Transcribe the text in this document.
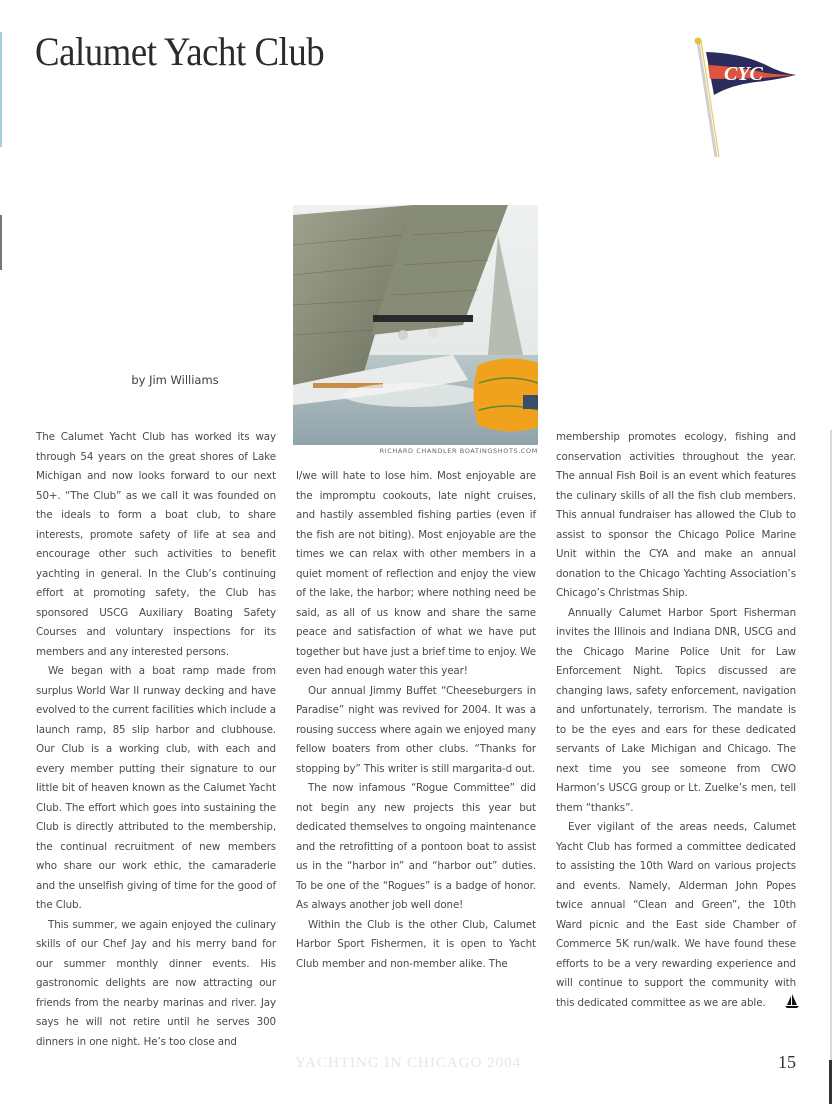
Calumet Yacht Club	CYC
RICHARD CHANDLER BOATINGSHOTS.COM
by Jim Williams

The Calumet Yacht Club has worked its way through 54 years on the great shores of Lake Michigan and now looks forward to our next 50+. “The Club” as we call it was founded on the ideals to form a boat club, to share interests, promote safety of life at sea and encourage other such activities to benefit yachting in general. In the Club’s continuing effort at promoting safety, the Club has sponsored USCG Auxiliary Boating Safety Courses and voluntary inspections for its members and any interested persons.

We began with a boat ramp made from surplus World War II runway decking and have evolved to the current facilities which include a launch ramp, 85 slip harbor and clubhouse. Our Club is a working club, with each and every member putting their signature to our little bit of heaven known as the Calumet Yacht Club. The effort which goes into sustaining the Club is directly attributed to the membership, the continual recruitment of new members who share our work ethic, the camaraderie and the unselfish giving of time for the good of the Club.

This summer, we again enjoyed the culinary skills of our Chef Jay and his merry band for our summer monthly dinner events. His gastronomic delights are now attracting our friends from the nearby marinas and river. Jay says he will not retire until he serves 300 dinners in one night. He’s too close and

I/we will hate to lose him. Most enjoyable are the impromptu cookouts, late night cruises, and hastily assembled fishing parties (even if the fish are not biting). Most enjoyable are the times we can relax with other members in a quiet moment of reflection and enjoy the view of the lake, the harbor; where nothing need be said, as all of us know and share the same peace and satisfaction of what we have put together but have just a brief time to enjoy. We even had enough water this year!

Our annual Jimmy Buffet “Cheeseburgers in Paradise” night was revived for 2004. It was a rousing success where again we enjoyed many fellow boaters from other clubs. “Thanks for stopping by” This writer is still margarita-d out.

The now infamous “Rogue Committee” did not begin any new projects this year but dedicated themselves to ongoing maintenance and the retrofitting of a pontoon boat to assist us in the “harbor in” and “harbor out” duties. To be one of the “Rogues” is a badge of honor. As always another job well done!

Within the Club is the other Club, Calumet Harbor Sport Fishermen, it is open to Yacht Club member and non-member alike. The

membership promotes ecology, fishing and conservation activities throughout the year. The annual Fish Boil is an event which features the culinary skills of all the fish club members. This annual fundraiser has allowed the Club to assist to sponsor the Chicago Police Marine Unit within the CYA and make an annual donation to the Chicago Yachting Association’s Chicago’s Christmas Ship.

Annually Calumet Harbor Sport Fisherman invites the Illinois and Indiana DNR, USCG and the Chicago Marine Police Unit for Law Enforcement Night. Topics discussed are changing laws, safety enforcement, navigation and unfortunately, terrorism. The mandate is to be the eyes and ears for these dedicated servants of Lake Michigan and Chicago. The next time you see someone from CWO Harmon’s USCG group or Lt. Zuelke’s men, tell them “thanks”.

Ever vigilant of the areas needs, Calumet Yacht Club has formed a committee dedicated to assisting the 10th Ward on various projects and events. Namely, Alderman John Popes twice annual “Clean and Green”, the 10th Ward picnic and the East side Chamber of Commerce 5K run/walk. We have found these efforts to be a very rewarding experience and will continue to support the community with this dedicated committee as we are able.

YACHTING IN CHICAGO 2004	15
